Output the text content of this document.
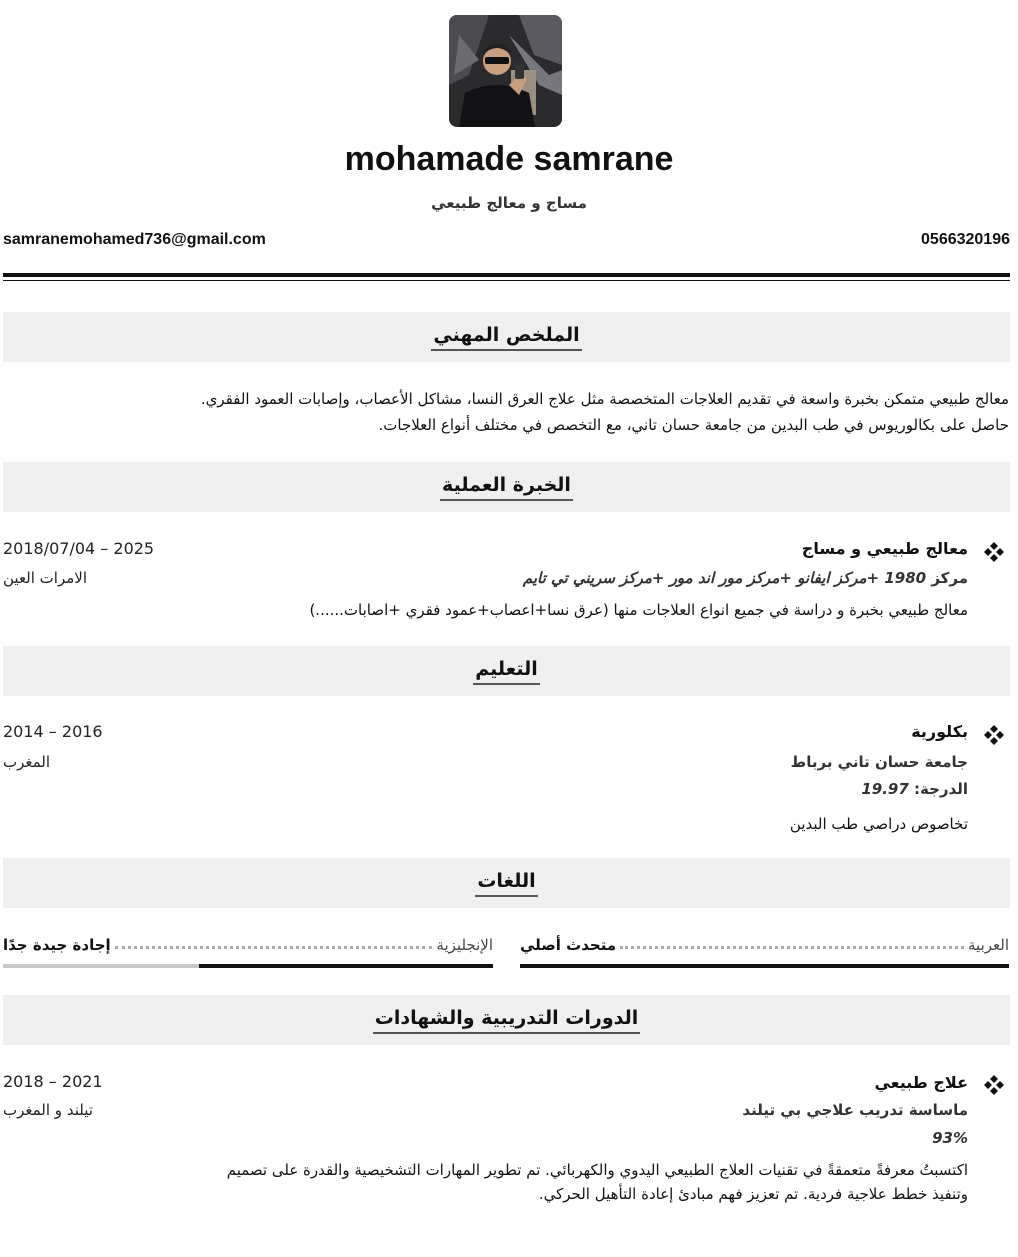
mohamade samrane
مساج و معالج طبيعي
samranemohamed736@gmail.com	0566320196
الملخص المهني
معالج طبيعي متمكن بخبرة واسعة في تقديم العلاجات المتخصصة مثل علاج العرق النسا، مشاكل الأعصاب، وإصابات العمود الفقري.
حاصل على بكالوريوس في طب البدين من جامعة حسان تاني، مع التخصص في مختلف أنواع العلاجات.
الخبرة العملية
معالج طبيعي و مساج
مركز 1980 +مركز ايفانو +مركز مور اند مور +مركز سريني تي تايم
معالج طبيعي بخبرة و دراسة في جميع انواع العلاجات منها (عرق نسا+اعصاب+عمود فقري +اصابات......)
2018/07/04 – 2025
الامرات العين
التعليم
بكلورية
جامعة حسان تاني برباط
الدرجة: 19.97
تخاصوص دراصي طب البدين
2014 – 2016
المغرب
اللغات
متحدث أصلي	العربية
إجادة جيدة جدًا	الإنجليزية
الدورات التدريبية والشهادات
علاج طبيعي
ماساسة تدريب علاجي بي تيلند
93%
اكتسبتُ معرفةً متعمقةً في تقنيات العلاج الطبيعي اليدوي والكهربائي. تم تطوير المهارات التشخيصية والقدرة على تصميم
وتنفيذ خطط علاجية فردية. تم تعزيز فهم مبادئ إعادة التأهيل الحركي.
2018 – 2021
تيلند و المغرب
